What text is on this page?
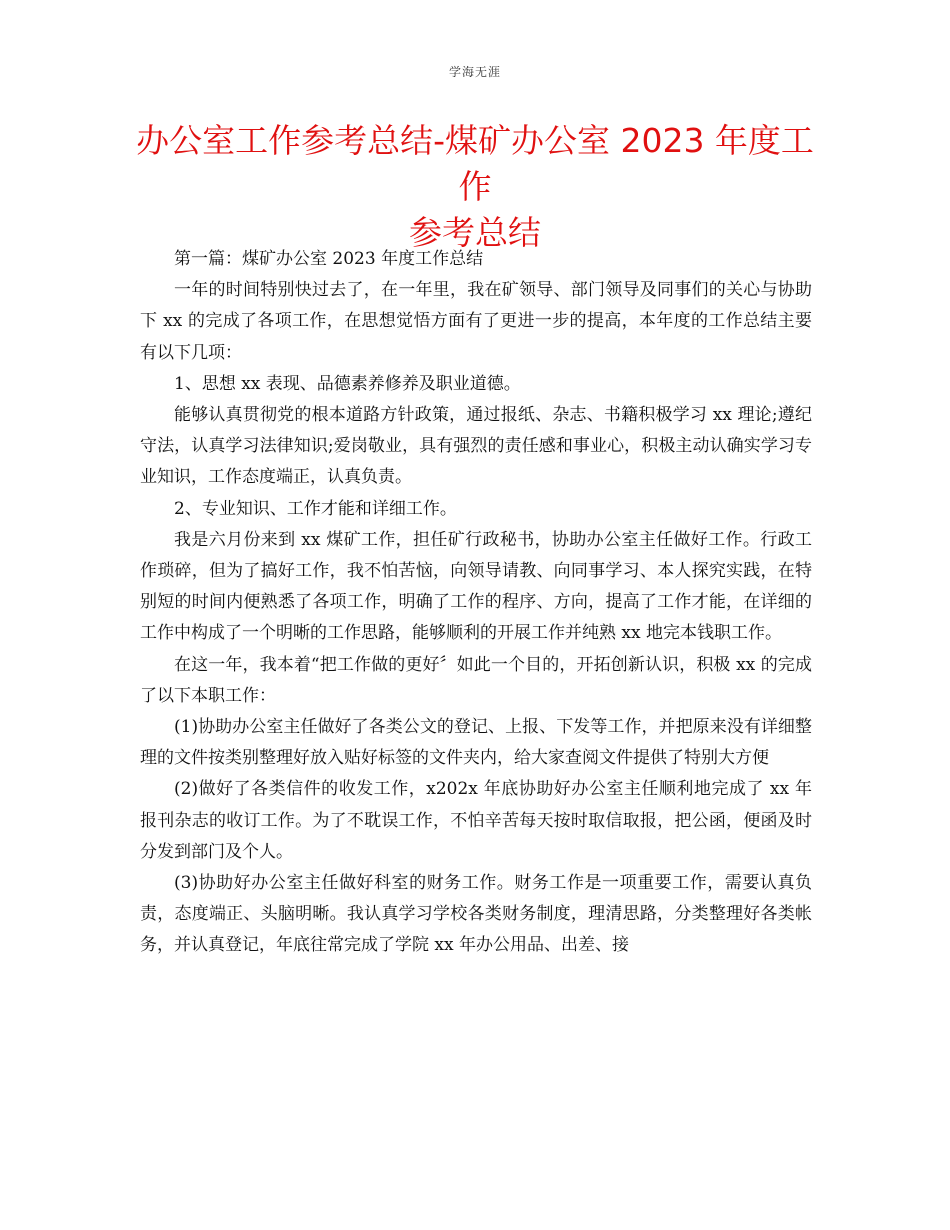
学海无涯
办公室工作参考总结-煤矿办公室 2023 年度工作
参考总结

第一篇：煤矿办公室 2023 年度工作总结

一年的时间特别快过去了，在一年里，我在矿领导、部门领导及同事们的关心与协助下 xx 的完成了各项工作，在思想觉悟方面有了更进一步的提高，本年度的工作总结主要有以下几项：

1、思想 xx 表现、品德素养修养及职业道德。

能够认真贯彻党的根本道路方针政策，通过报纸、杂志、书籍积极学习 xx 理论;遵纪守法，认真学习法律知识;爱岗敬业，具有强烈的责任感和事业心，积极主动认确实学习专业知识，工作态度端正，认真负责。

2、专业知识、工作才能和详细工作。

我是六月份来到 xx 煤矿工作，担任矿行政秘书，协助办公室主任做好工作。行政工作琐碎，但为了搞好工作，我不怕苦恼，向领导请教、向同事学习、本人探究实践，在特别短的时间内便熟悉了各项工作，明确了工作的程序、方向，提高了工作才能，在详细的工作中构成了一个明晰的工作思路，能够顺利的开展工作并纯熟 xx 地完本钱职工作。

在这一年，我本着“把工作做的更好〞如此一个目的，开拓创新认识，积极 xx 的完成了以下本职工作：

(1)协助办公室主任做好了各类公文的登记、上报、下发等工作，并把原来没有详细整理的文件按类别整理好放入贴好标签的文件夹内，给大家查阅文件提供了特别大方便

(2)做好了各类信件的收发工作，x202x 年底协助好办公室主任顺利地完成了 xx 年报刊杂志的收订工作。为了不耽误工作，不怕辛苦每天按时取信取报，把公函，便函及时分发到部门及个人。

(3)协助好办公室主任做好科室的财务工作。财务工作是一项重要工作，需要认真负责，态度端正、头脑明晰。我认真学习学校各类财务制度，理清思路，分类整理好各类帐务，并认真登记，年底往常完成了学院 xx 年办公用品、出差、接
